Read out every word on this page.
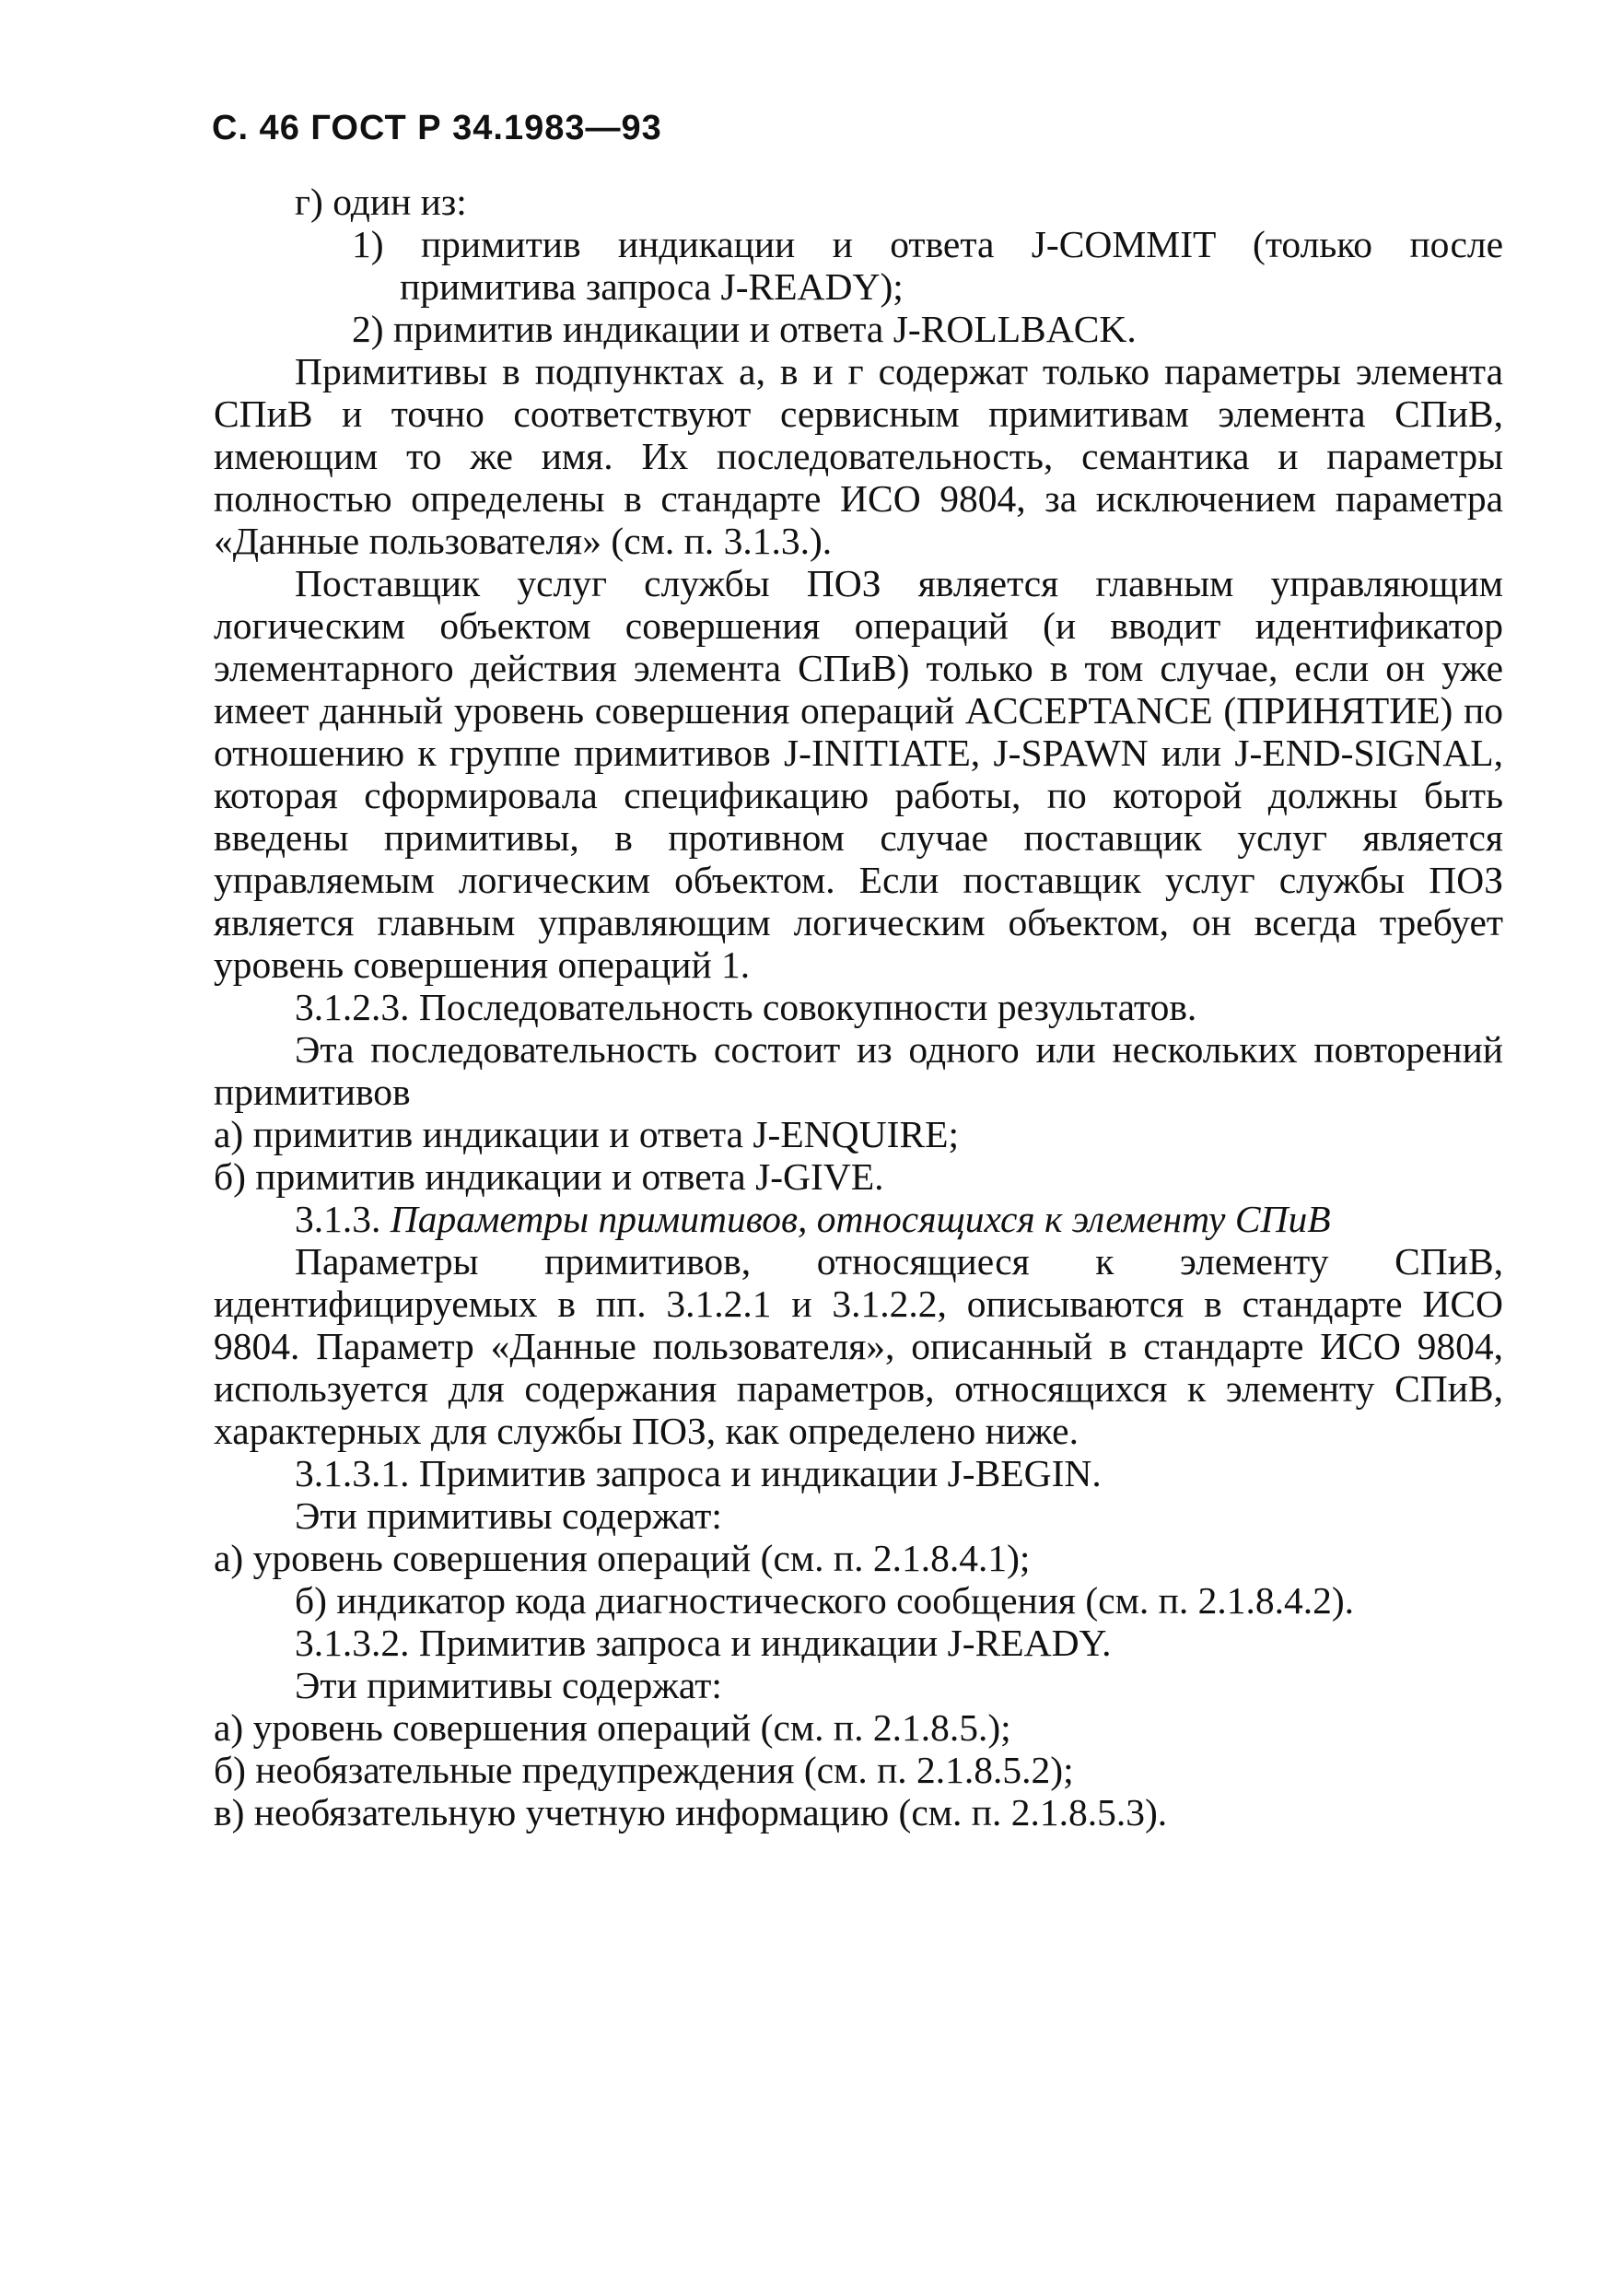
С. 46 ГОСТ Р 34.1983—93

г) один из:

1) примитив индикации и ответа J-COMMIT (только после
примитива запроса J-READY);

2) примитив индикации и ответа J-ROLLBACK.

Примитивы в подпунктах а, в и г содержат только параметры элемента СПиВ и точно соответствуют сервисным примитивам элемента СПиВ, имеющим то же имя. Их последовательность, семантика и параметры полностью определены в стандарте ИСО 9804, за исключением параметра «Данные пользователя» (см. п. 3.1.3.).

Поставщик услуг службы ПОЗ является главным управляющим логическим объектом совершения операций (и вводит идентификатор элементарного действия элемента СПиВ) только в том случае, если он уже имеет данный уровень совершения операций ACCEPTANCE (ПРИНЯТИЕ) по отношению к группе примитивов J-INITIATE, J-SPAWN или J-END-SIGNAL, которая сформировала спецификацию работы, по которой должны быть введены примитивы, в противном случае поставщик услуг является управляемым логическим объектом. Если поставщик услуг службы ПОЗ является главным управляющим логическим объектом, он всегда требует уровень совершения операций 1.

3.1.2.3. Последовательность совокупности результатов.

Эта последовательность состоит из одного или нескольких повторений примитивов

а) примитив индикации и ответа J-ENQUIRE;

б) примитив индикации и ответа J-GIVE.

3.1.3. Параметры примитивов, относящихся к элементу СПиВ

Параметры примитивов, относящиеся к элементу СПиВ, идентифицируемых в пп. 3.1.2.1 и 3.1.2.2, описываются в стандарте ИСО 9804. Параметр «Данные пользователя», описанный в стандарте ИСО 9804, используется для содержания параметров, относящихся к элементу СПиВ, характерных для службы ПОЗ, как определено ниже.

3.1.3.1. Примитив запроса и индикации J-BEGIN.

Эти примитивы содержат:

а) уровень совершения операций (см. п. 2.1.8.4.1);

б) индикатор кода диагностического сообщения (см. п. 2.1.8.4.2).

3.1.3.2. Примитив запроса и индикации J-READY.

Эти примитивы содержат:

а) уровень совершения операций (см. п. 2.1.8.5.);

б) необязательные предупреждения (см. п. 2.1.8.5.2);

в) необязательную учетную информацию (см. п. 2.1.8.5.3).
